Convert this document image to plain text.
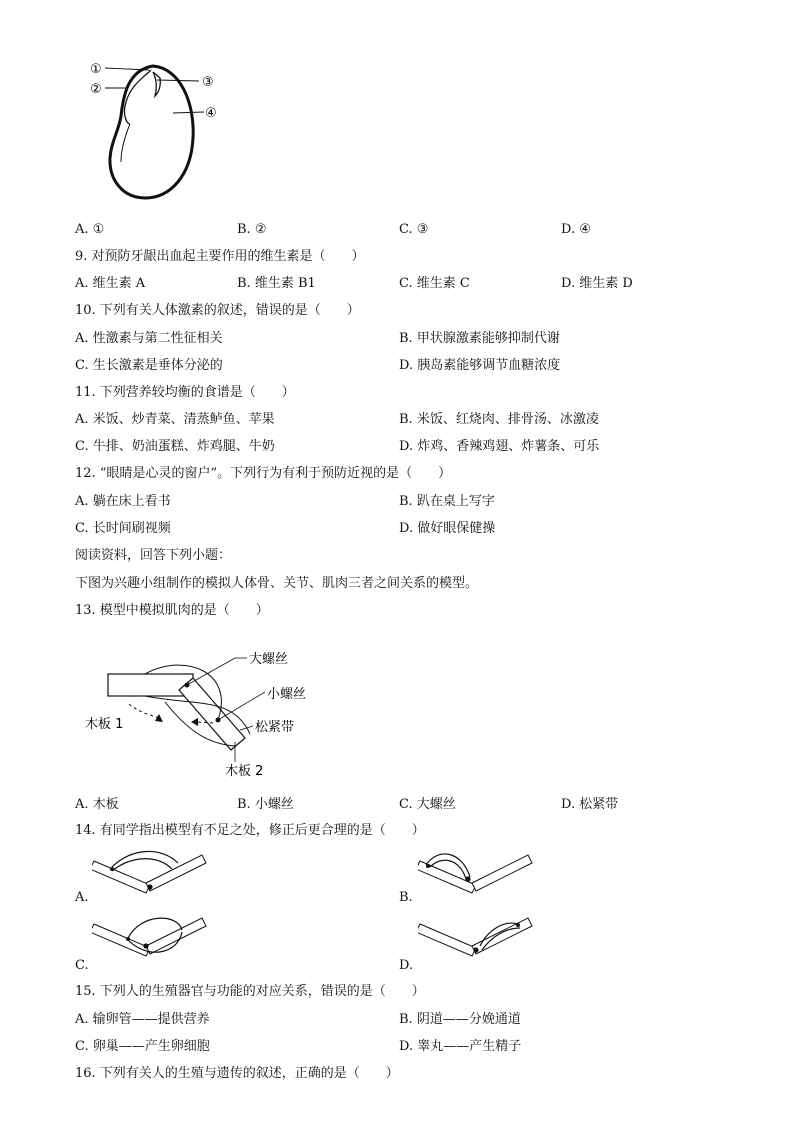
①
②	③
④
A. ①	B. ②	C. ③	D. ④
9. 对预防牙龈出血起主要作用的维生素是（　　）
A. 维生素 A	B. 维生素 B1	C. 维生素 C	D. 维生素 D
10. 下列有关人体激素的叙述，错误的是（　　）
A. 性激素与第二性征相关	B. 甲状腺激素能够抑制代谢
C. 生长激素是垂体分泌的	D. 胰岛素能够调节血糖浓度
11. 下列营养较均衡的食谱是（　　）
A. 米饭、炒青菜、清蒸鲈鱼、苹果	B. 米饭、红烧肉、排骨汤、冰激凌
C. 牛排、奶油蛋糕、炸鸡腿、牛奶	D. 炸鸡、香辣鸡翅、炸薯条、可乐
12. “眼睛是心灵的窗户”。下列行为有利于预防近视的是（　　）
A. 躺在床上看书	B. 趴在桌上写字
C. 长时间刷视频	D. 做好眼保健操
阅读资料，回答下列小题：
下图为兴趣小组制作的模拟人体骨、关节、肌肉三者之间关系的模型。
13. 模型中模拟肌肉的是（　　）
大螺丝
小螺丝
松紧带
木板 1
木板 2
A. 木板	B. 小螺丝	C. 大螺丝	D. 松紧带
14. 有同学指出模型有不足之处，修正后更合理的是（　　）
A.	B.
C.	D.
15. 下列人的生殖器官与功能的对应关系，错误的是（　　）
A. 输卵管——提供营养	B. 阴道——分娩通道
C. 卵巢——产生卵细胞	D. 睾丸——产生精子
16. 下列有关人的生殖与遗传的叙述，正确的是（　　）
